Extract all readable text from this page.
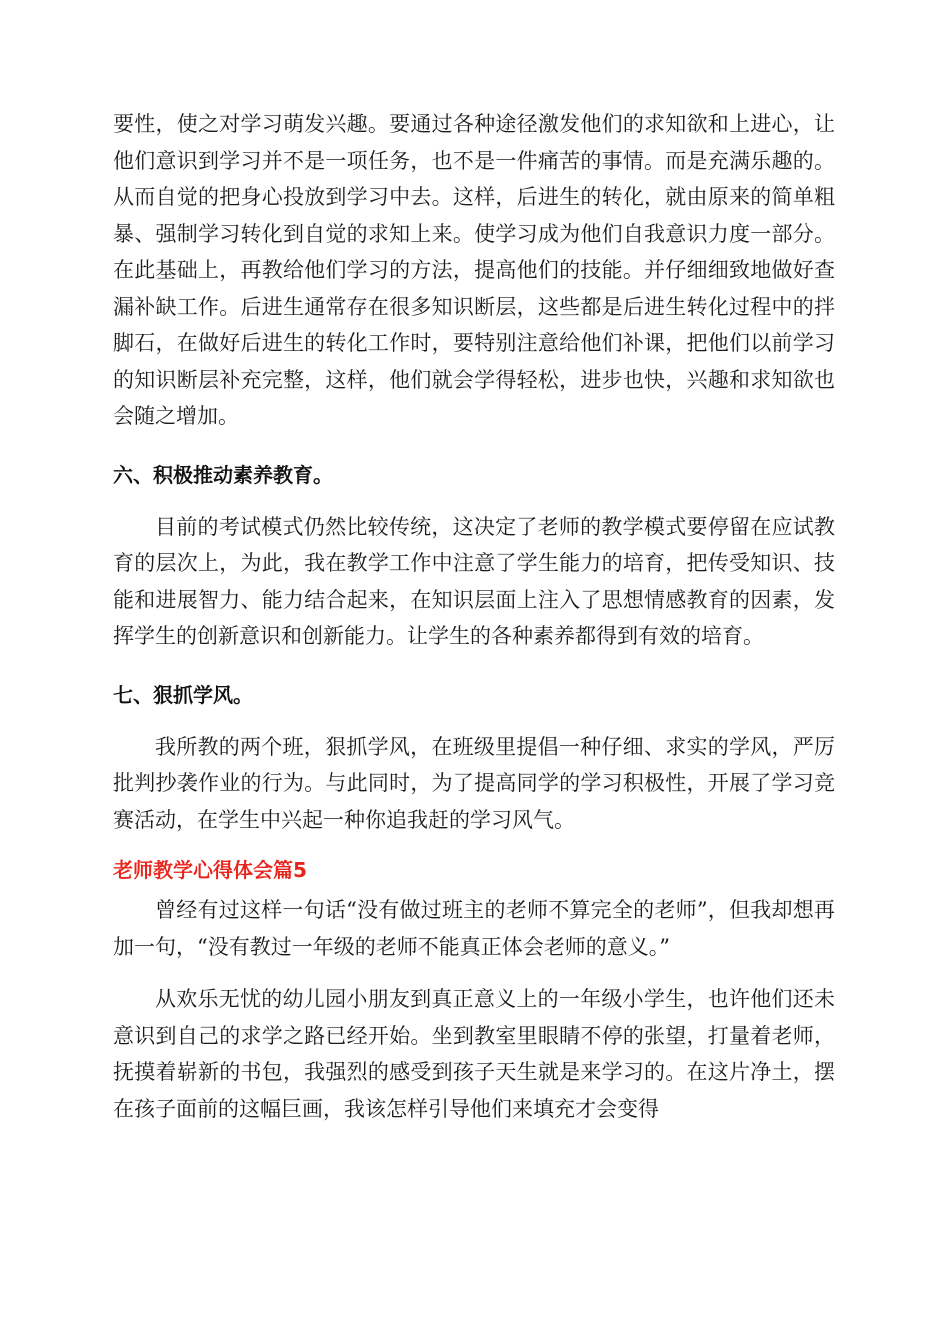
要性，使之对学习萌发兴趣。要通过各种途径激发他们的求知欲和上进心，让他们意识到学习并不是一项任务，也不是一件痛苦的事情。而是充满乐趣的。从而自觉的把身心投放到学习中去。这样，后进生的转化，就由原来的简单粗暴、强制学习转化到自觉的求知上来。使学习成为他们自我意识力度一部分。在此基础上，再教给他们学习的方法，提高他们的技能。并仔细细致地做好查漏补缺工作。后进生通常存在很多知识断层，这些都是后进生转化过程中的拌脚石，在做好后进生的转化工作时，要特别注意给他们补课，把他们以前学习的知识断层补充完整，这样，他们就会学得轻松，进步也快，兴趣和求知欲也会随之增加。

六、积极推动素养教育。

目前的考试模式仍然比较传统，这决定了老师的教学模式要停留在应试教育的层次上，为此，我在教学工作中注意了学生能力的培育，把传受知识、技能和进展智力、能力结合起来，在知识层面上注入了思想情感教育的因素，发挥学生的创新意识和创新能力。让学生的各种素养都得到有效的培育。

七、狠抓学风。

我所教的两个班，狠抓学风，在班级里提倡一种仔细、求实的学风，严厉批判抄袭作业的行为。与此同时，为了提高同学的学习积极性，开展了学习竞赛活动，在学生中兴起一种你追我赶的学习风气。

老师教学心得体会篇5

曾经有过这样一句话“没有做过班主的老师不算完全的老师”，但我却想再加一句，“没有教过一年级的老师不能真正体会老师的意义。”

从欢乐无忧的幼儿园小朋友到真正意义上的一年级小学生，也许他们还未意识到自己的求学之路已经开始。坐到教室里眼睛不停的张望，打量着老师，抚摸着崭新的书包，我强烈的感受到孩子天生就是来学习的。在这片净土，摆在孩子面前的这幅巨画，我该怎样引导他们来填充才会变得
